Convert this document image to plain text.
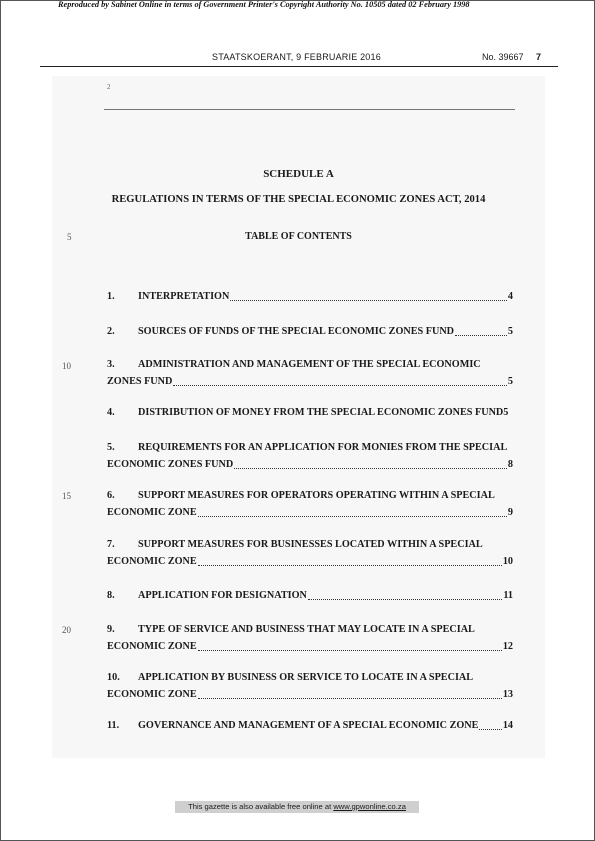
Reproduced by Sabinet Online in terms of Government Printer's Copyright Authority No. 10505 dated 02 February 1998
STAATSKOERANT, 9 FEBRUARIE 2016	No. 39667 7
2
SCHEDULE A
REGULATIONS IN TERMS OF THE SPECIAL ECONOMIC ZONES ACT, 2014
TABLE OF CONTENTS
5
10
15
20
1.	INTERPRETATION	4
2.	SOURCES OF FUNDS OF THE SPECIAL ECONOMIC ZONES FUND	5
3.	ADMINISTRATION AND MANAGEMENT OF THE SPECIAL ECONOMIC
ZONES FUND	5
4.	DISTRIBUTION OF MONEY FROM THE SPECIAL ECONOMIC ZONES FUND 5
5.	REQUIREMENTS FOR AN APPLICATION FOR MONIES FROM THE SPECIAL
ECONOMIC ZONES FUND	8
6.	SUPPORT MEASURES FOR OPERATORS OPERATING WITHIN A SPECIAL
ECONOMIC ZONE	9
7.	SUPPORT MEASURES FOR BUSINESSES LOCATED WITHIN A SPECIAL
ECONOMIC ZONE	10
8.	APPLICATION FOR DESIGNATION	11
9.	TYPE OF SERVICE AND BUSINESS THAT MAY LOCATE IN A SPECIAL
ECONOMIC ZONE	12
10.	APPLICATION BY BUSINESS OR SERVICE TO LOCATE IN A SPECIAL
ECONOMIC ZONE	13
11.	GOVERNANCE AND MANAGEMENT OF A SPECIAL ECONOMIC ZONE 14
This gazette is also available free online at www.gpwonline.co.za
